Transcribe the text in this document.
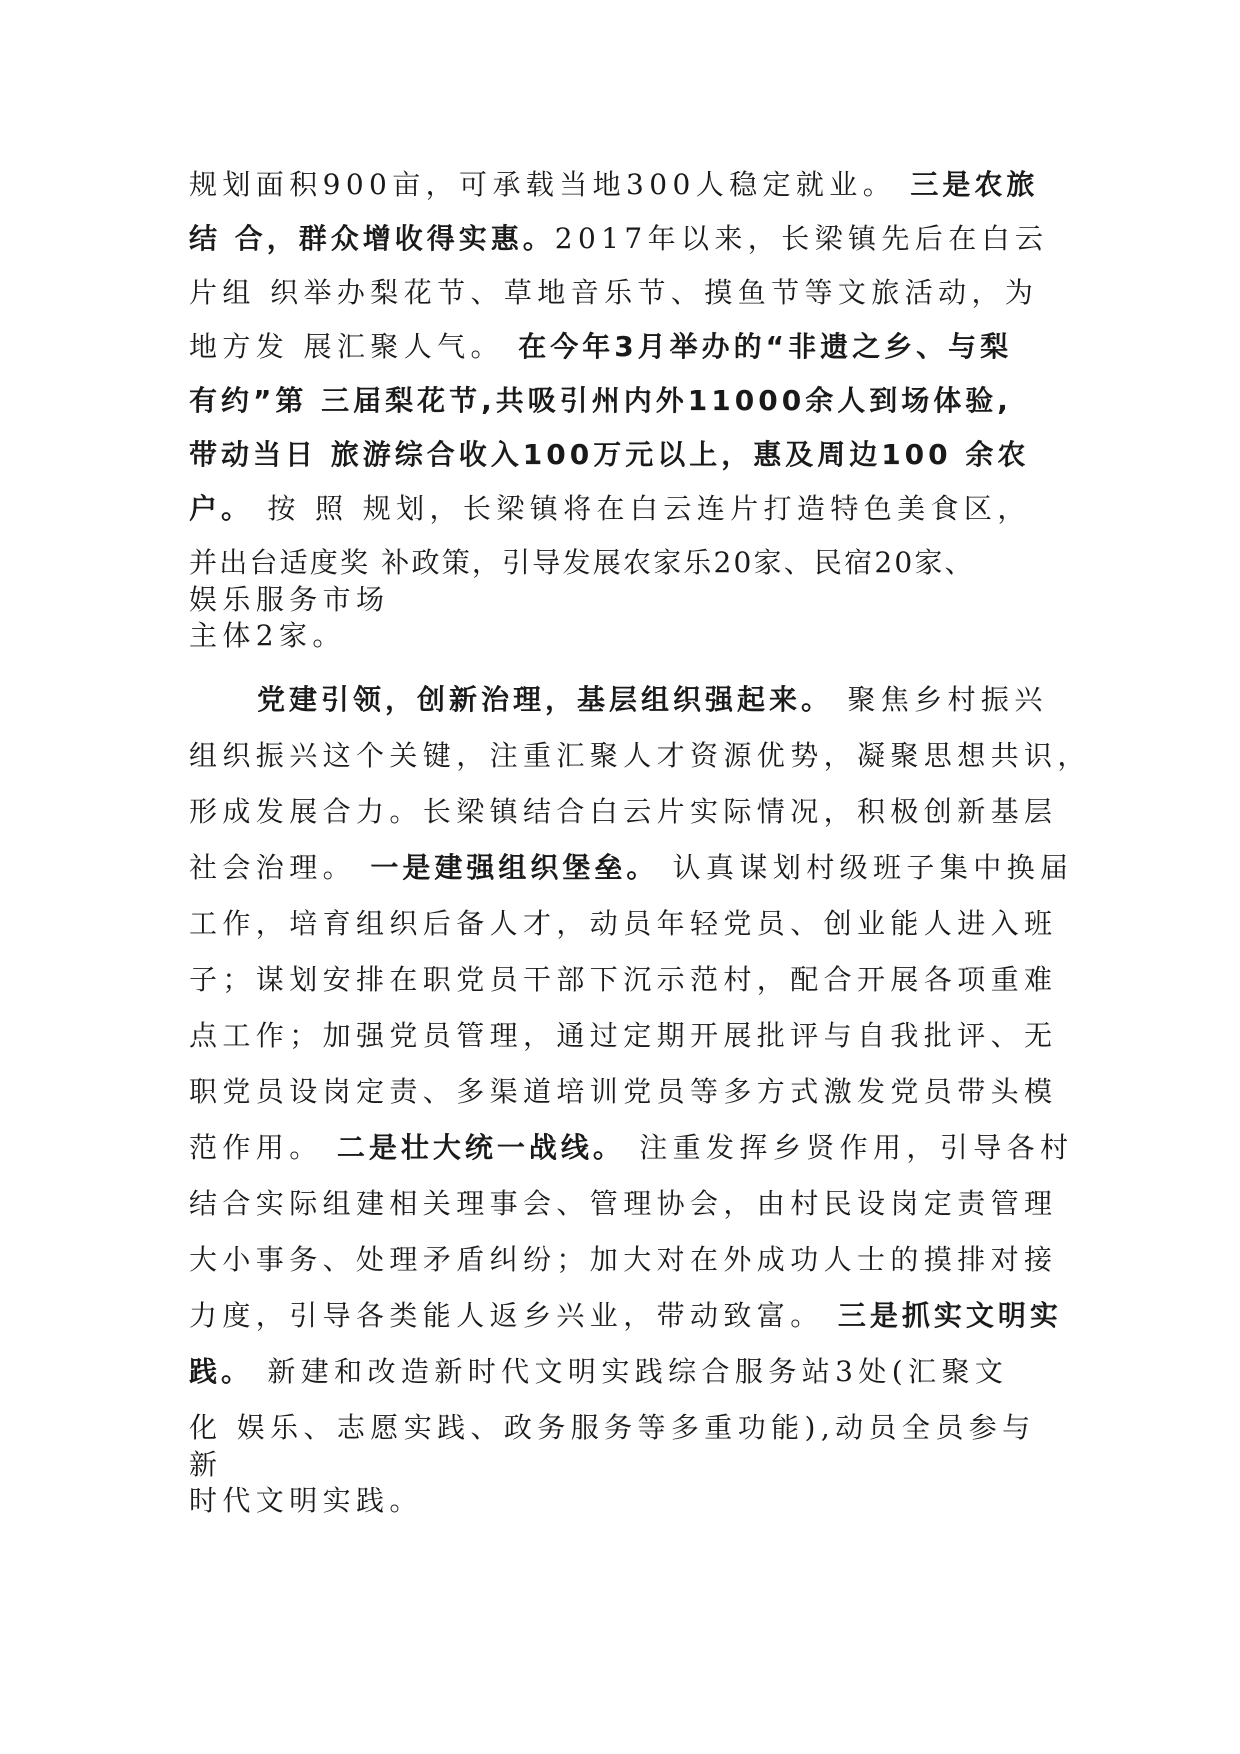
规划面积900亩，可承载当地300人稳定就业。 三是农旅
结 合，群众增收得实惠。2017年以来，长梁镇先后在白云
片组 织举办梨花节、草地音乐节、摸鱼节等文旅活动，为
地方发 展汇聚人气。 在今年3月举办的“非遗之乡、与梨
有约”第 三届梨花节,共吸引州内外11000余人到场体验,
带动当日 旅游综合收入100万元以上，惠及周边100 余农
户。 按 照 规划，长梁镇将在白云连片打造特色美食区，
并出台适度奖 补政策，引导发展农家乐20家、民宿20家、
娱乐服务市场
主体2家。
党建引领，创新治理，基层组织强起来。 聚焦乡村振兴
组织振兴这个关键，注重汇聚人才资源优势，凝聚思想共识，
形成发展合力。长梁镇结合白云片实际情况，积极创新基层
社会治理。 一是建强组织堡垒。 认真谋划村级班子集中换届
工作，培育组织后备人才，动员年轻党员、创业能人进入班
子；谋划安排在职党员干部下沉示范村，配合开展各项重难
点工作；加强党员管理，通过定期开展批评与自我批评、无
职党员设岗定责、多渠道培训党员等多方式激发党员带头模
范作用。 二是壮大统一战线。 注重发挥乡贤作用，引导各村
结合实际组建相关理事会、管理协会，由村民设岗定责管理
大小事务、处理矛盾纠纷；加大对在外成功人士的摸排对接
力度，引导各类能人返乡兴业，带动致富。 三是抓实文明实
践。 新建和改造新时代文明实践综合服务站3处(汇聚文
化 娱乐、志愿实践、政务服务等多重功能),动员全员参与
新
时代文明实践。
